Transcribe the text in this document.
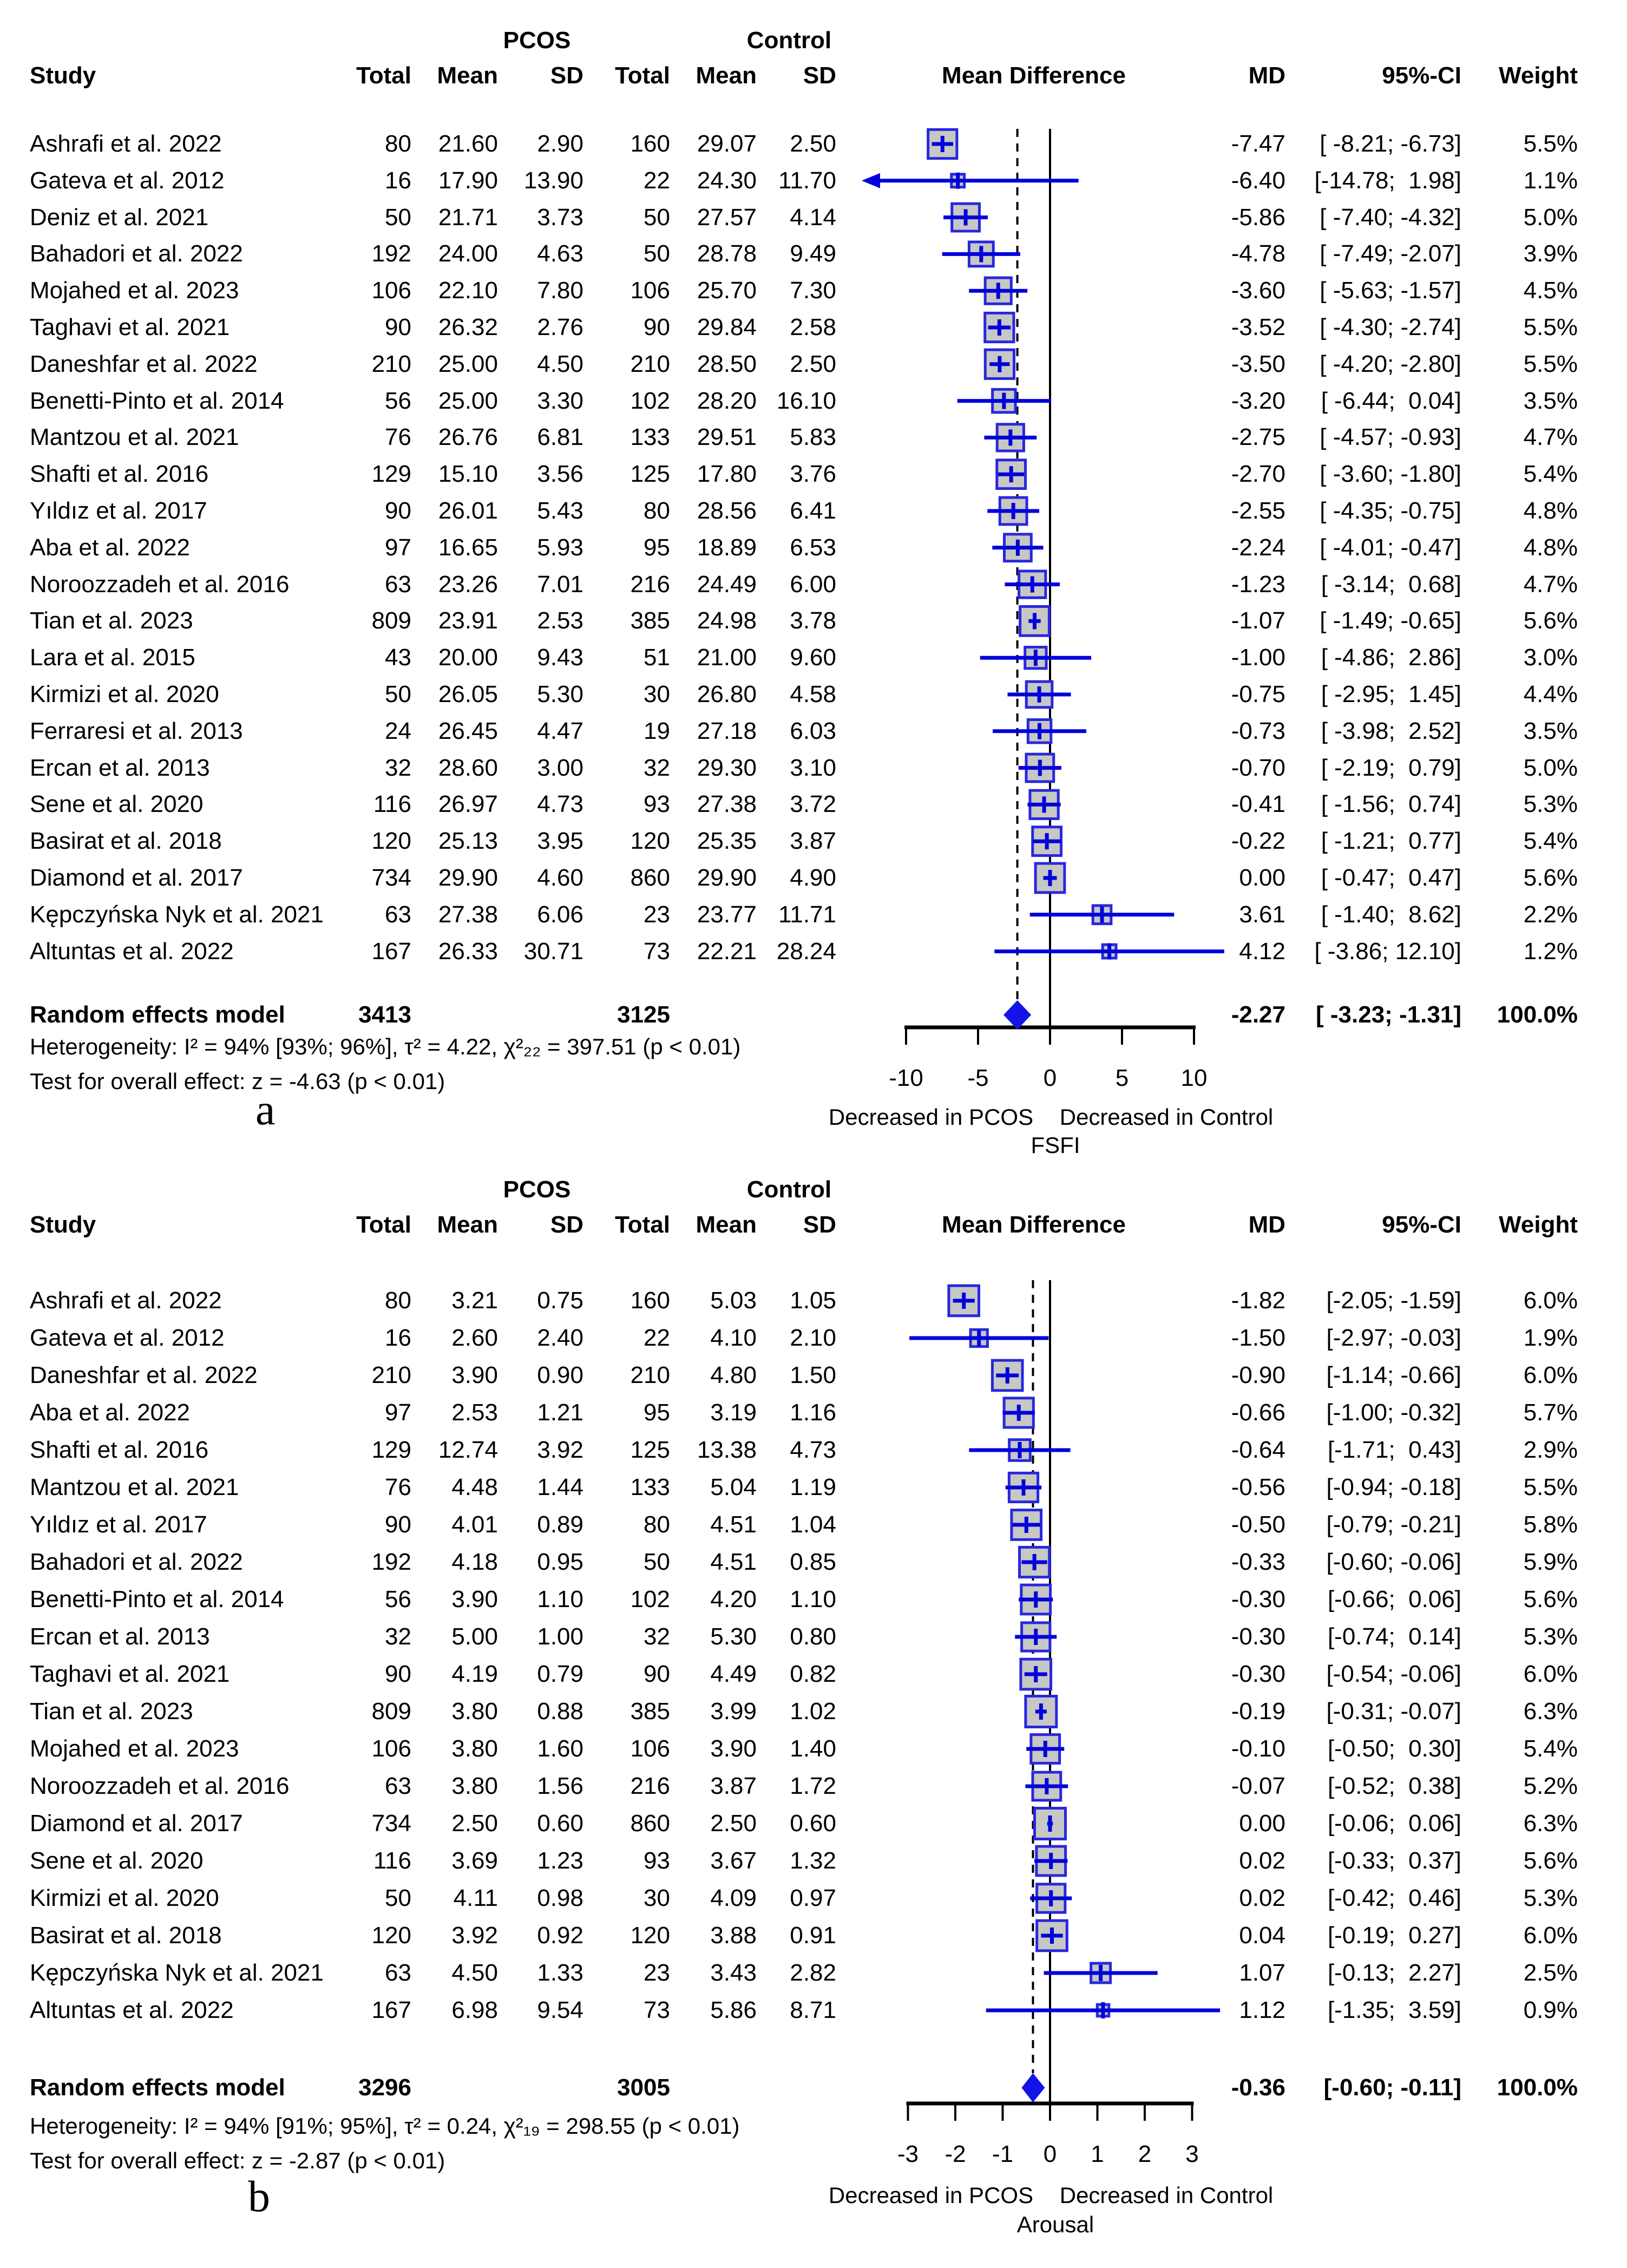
PCOS	Control
Study	Total Mean SD Total Mean SD	Mean Difference	MD	95%-CI Weight
-10 -5 0 5 10
Ashrafi et al. 2022	80 21.60 2.90 160 29.07 2.50	-7.47 [ -8.21; -6.73]	5.5%
Gateva et al. 2012	16 17.90 13.90	22 24.30 11.70	-6.40 [-14.78;  1.98]	1.1%
Deniz et al. 2021	50 21.71 3.73	50 27.57 4.14	-5.86 [ -7.40; -4.32]	5.0%
Bahadori et al. 2022	192 24.00 4.63	50 28.78 9.49	-4.78 [ -7.49; -2.07]	3.9%
Mojahed et al. 2023	106 22.10 7.80 106 25.70 7.30	-3.60 [ -5.63; -1.57]	4.5%
Taghavi et al. 2021	90 26.32 2.76	90 29.84 2.58	-3.52 [ -4.30; -2.74]	5.5%
Daneshfar et al. 2022	210 25.00 4.50 210 28.50 2.50	-3.50 [ -4.20; -2.80]	5.5%
Benetti-Pinto et al. 2014	56 25.00 3.30 102 28.20 16.10	-3.20 [ -6.44;  0.04]	3.5%
Mantzou et al. 2021	76 26.76 6.81 133 29.51 5.83	-2.75 [ -4.57; -0.93]	4.7%
Shafti et al. 2016	129 15.10 3.56 125 17.80 3.76	-2.70 [ -3.60; -1.80]	5.4%
Yıldız et al. 2017	90 26.01 5.43	80 28.56 6.41	-2.55 [ -4.35; -0.75]	4.8%
Aba et al. 2022	97 16.65 5.93	95 18.89 6.53	-2.24 [ -4.01; -0.47]	4.8%
Noroozzadeh et al. 2016	63 23.26 7.01 216 24.49 6.00	-1.23 [ -3.14;  0.68]	4.7%
Tian et al. 2023	809 23.91 2.53 385 24.98 3.78	-1.07 [ -1.49; -0.65]	5.6%
Lara et al. 2015	43 20.00 9.43	51 21.00 9.60	-1.00 [ -4.86;  2.86]	3.0%
Kirmizi et al. 2020	50 26.05 5.30	30 26.80 4.58	-0.75 [ -2.95;  1.45]	4.4%
Ferraresi et al. 2013	24 26.45 4.47	19 27.18 6.03	-0.73 [ -3.98;  2.52]	3.5%
Ercan et al. 2013	32 28.60 3.00	32 29.30 3.10	-0.70 [ -2.19;  0.79]	5.0%
Sene et al. 2020	116 26.97 4.73	93 27.38 3.72	-0.41 [ -1.56;  0.74]	5.3%
Basirat et al. 2018	120 25.13 3.95 120 25.35 3.87	-0.22 [ -1.21;  0.77]	5.4%
Diamond et al. 2017	734 29.90 4.60 860 29.90 4.90	0.00 [ -0.47;  0.47]	5.6%
Kępczyńska Nyk et al. 2021	63 27.38 6.06	23 23.77 11.71	3.61 [ -1.40;  8.62]	2.2%
Altuntas et al. 2022	167 26.33 30.71	73 22.21 28.24	4.12 [ -3.86; 12.10]	1.2%
Random effects model	3413	3125	-2.27 [ -3.23; -1.31] 100.0%
Heterogeneity: I² = 94% [93%; 96%], τ² = 4.22, χ²₂₂ = 397.51 (p < 0.01)
Test for overall effect: z = -4.63 (p < 0.01)
Decreased in PCOS Decreased in Control
FSFI
a
PCOS	Control
Study	Total Mean SD Total Mean SD	Mean Difference	MD	95%-CI Weight
-3 -2 -1 0 1 2 3
Ashrafi et al. 2022	80 3.21 0.75 160 5.03 1.05	-1.82 [-2.05; -1.59]	6.0%
Gateva et al. 2012	16 2.60 2.40	22 4.10 2.10	-1.50 [-2.97; -0.03]	1.9%
Daneshfar et al. 2022	210 3.90 0.90 210 4.80 1.50	-0.90 [-1.14; -0.66]	6.0%
Aba et al. 2022	97 2.53 1.21	95 3.19 1.16	-0.66 [-1.00; -0.32]	5.7%
Shafti et al. 2016	129 12.74 3.92 125 13.38 4.73	-0.64 [-1.71;  0.43]	2.9%
Mantzou et al. 2021	76 4.48 1.44 133 5.04 1.19	-0.56 [-0.94; -0.18]	5.5%
Yıldız et al. 2017	90 4.01 0.89	80 4.51 1.04	-0.50 [-0.79; -0.21]	5.8%
Bahadori et al. 2022	192 4.18 0.95	50 4.51 0.85	-0.33 [-0.60; -0.06]	5.9%
Benetti-Pinto et al. 2014	56 3.90 1.10 102 4.20 1.10	-0.30 [-0.66;  0.06]	5.6%
Ercan et al. 2013	32 5.00 1.00	32 5.30 0.80	-0.30 [-0.74;  0.14]	5.3%
Taghavi et al. 2021	90 4.19 0.79	90 4.49 0.82	-0.30 [-0.54; -0.06]	6.0%
Tian et al. 2023	809 3.80 0.88 385 3.99 1.02	-0.19 [-0.31; -0.07]	6.3%
Mojahed et al. 2023	106 3.80 1.60 106 3.90 1.40	-0.10 [-0.50;  0.30]	5.4%
Noroozzadeh et al. 2016	63 3.80 1.56 216 3.87 1.72	-0.07 [-0.52;  0.38]	5.2%
Diamond et al. 2017	734 2.50 0.60 860 2.50 0.60	0.00 [-0.06;  0.06]	6.3%
Sene et al. 2020	116 3.69 1.23	93 3.67 1.32	0.02 [-0.33;  0.37]	5.6%
Kirmizi et al. 2020	50 4.11 0.98	30 4.09 0.97	0.02 [-0.42;  0.46]	5.3%
Basirat et al. 2018	120 3.92 0.92 120 3.88 0.91	0.04 [-0.19;  0.27]	6.0%
Kępczyńska Nyk et al. 2021	63 4.50 1.33	23 3.43 2.82	1.07 [-0.13;  2.27]	2.5%
Altuntas et al. 2022	167 6.98 9.54	73 5.86 8.71	1.12 [-1.35;  3.59]	0.9%
Random effects model	3296	3005	-0.36 [-0.60; -0.11] 100.0%
Heterogeneity: I² = 94% [91%; 95%], τ² = 0.24, χ²₁₉ = 298.55 (p < 0.01)
Test for overall effect: z = -2.87 (p < 0.01)
Decreased in PCOS Decreased in Control
Arousal
b
